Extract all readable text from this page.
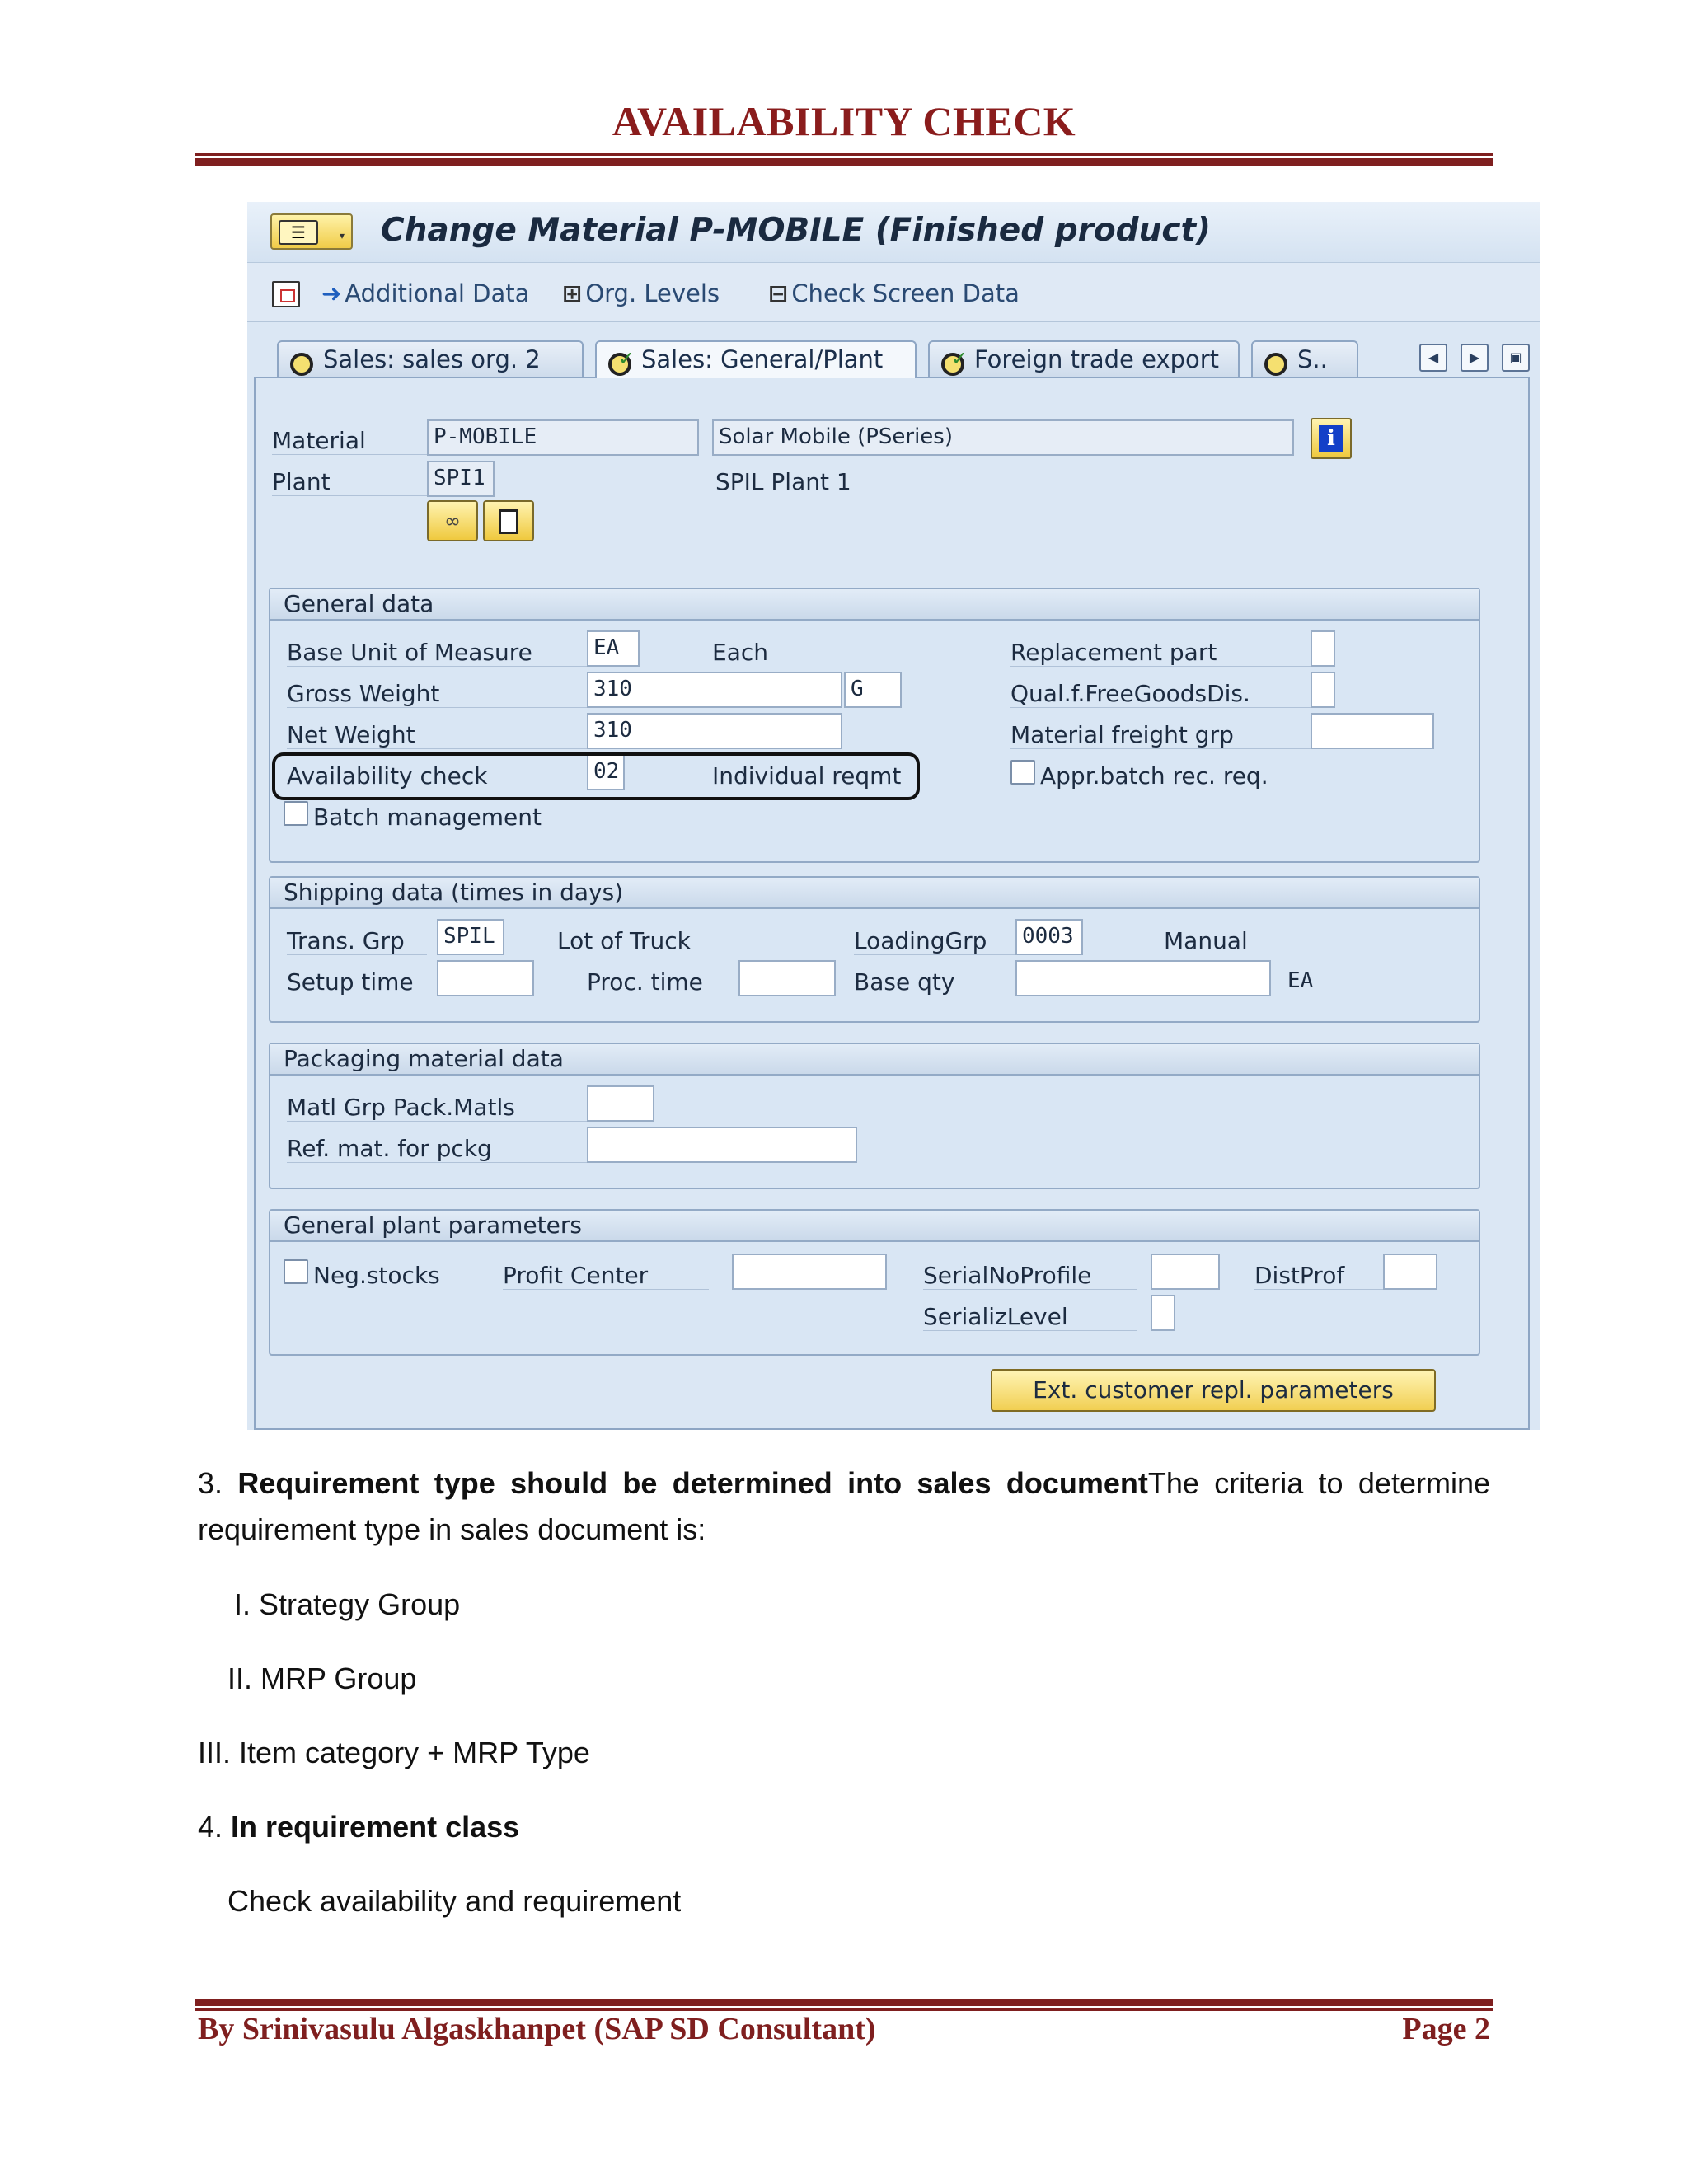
AVAILABILITY CHECK
☰	▾ Change Material P-MOBILE (Finished product)
➜ Additional Data ⊞ Org. Levels ⊟ Check Screen Data
Sales: sales org. 2 ✓	Sales: General/Plant ✓	Foreign trade export	S..	◀	▶	▣
Material	P-MOBILE	Solar Mobile (PSeries)	i
Plant	SPI1	SPIL Plant 1
∞
General data
Base Unit of Measure	EA	Each	Replacement part
Gross Weight	310	G	Qual.f.FreeGoodsDis.
Net Weight	310	Material freight grp
Availability check	02	Individual reqmt	Appr.batch rec. req.
Batch management
Shipping data (times in days)
Trans. Grp	SPIL	Lot of Truck	LoadingGrp	0003	Manual
Setup time	Proc. time	Base qty	EA
Packaging material data
Matl Grp Pack.Matls
Ref. mat. for pckg
General plant parameters
Neg.stocks	Profit Center	SerialNoProfile	DistProf
SerializLevel
Ext. customer repl. parameters
3. Requirement type should be determined into sales documentThe criteria to determine requirement type in sales document is:
I. Strategy Group
II. MRP Group
III. Item category + MRP Type
4. In requirement class
Check availability and requirement
By Srinivasulu Algaskhanpet (SAP SD Consultant)	Page 2
